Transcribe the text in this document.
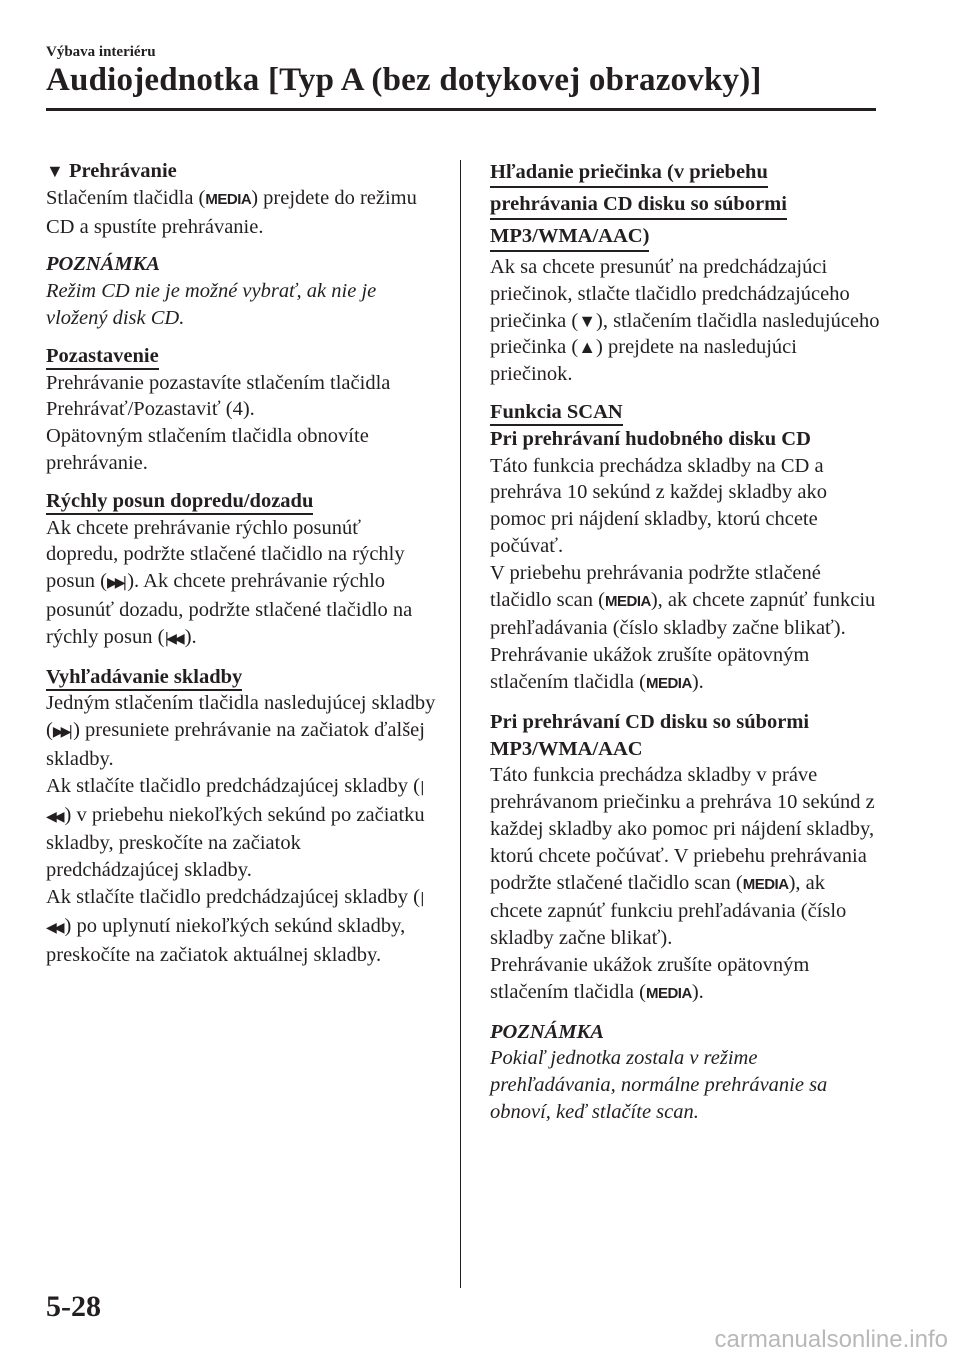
Výbava interiéru
Audiojednotka [Typ A (bez dotykovej obrazovky)]
▼ Prehrávanie

Stlačením tlačidla (MEDIA) prejdete do režimu CD a spustíte prehrávanie.

POZNÁMKA

Režim CD nie je možné vybrať, ak nie je vložený disk CD.

Pozastavenie

Prehrávanie pozastavíte stlačením tlačidla Prehrávať/Pozastaviť (4).

Opätovným stlačením tlačidla obnovíte prehrávanie.

Rýchly posun dopredu/dozadu

Ak chcete prehrávanie rýchlo posunúť dopredu, podržte stlačené tlačidlo na rýchly posun (▶▶| ). Ak chcete prehrávanie rýchlo posunúť dozadu, podržte stlačené tlačidlo na rýchly posun (|◀◀ ).

Vyhľadávanie skladby

Jedným stlačením tlačidla nasledujúcej skladby (▶▶| ) presuniete prehrávanie na začiatok ďalšej skladby.

Ak stlačíte tlačidlo predchádzajúcej skladby (|◀◀ ) v priebehu niekoľkých sekúnd po začiatku skladby, preskočíte na začiatok predchádzajúcej skladby.

Ak stlačíte tlačidlo predchádzajúcej skladby (|◀◀ ) po uplynutí niekoľkých sekúnd skladby, preskočíte na začiatok aktuálnej skladby.

Hľadanie priečinka (v priebehu
prehrávania CD disku so súbormi
MP3/WMA/AAC)

Ak sa chcete presunúť na predchádzajúci priečinok, stlačte tlačidlo predchádzajúceho priečinka (▼), stlačením tlačidla nasledujúceho priečinka (▲) prejdete na nasledujúci priečinok.

Funkcia SCAN
Pri prehrávaní hudobného disku CD

Táto funkcia prechádza skladby na CD a prehráva 10 sekúnd z každej skladby ako pomoc pri nájdení skladby, ktorú chcete počúvať.

V priebehu prehrávania podržte stlačené tlačidlo scan (MEDIA), ak chcete zapnúť funkciu prehľadávania (číslo skladby začne blikať). Prehrávanie ukážok zrušíte opätovným stlačením tlačidla (MEDIA).

Pri prehrávaní CD disku so súbormi MP3/WMA/AAC

Táto funkcia prechádza skladby v práve prehrávanom priečinku a prehráva 10 sekúnd z každej skladby ako pomoc pri nájdení skladby, ktorú chcete počúvať. V priebehu prehrávania podržte stlačené tlačidlo scan (MEDIA), ak chcete zapnúť funkciu prehľadávania (číslo skladby začne blikať).

Prehrávanie ukážok zrušíte opätovným stlačením tlačidla (MEDIA).

POZNÁMKA

Pokiaľ jednotka zostala v režime prehľadávania, normálne prehrávanie sa obnoví, keď stlačíte scan.

5-28
carmanualsonline.info
